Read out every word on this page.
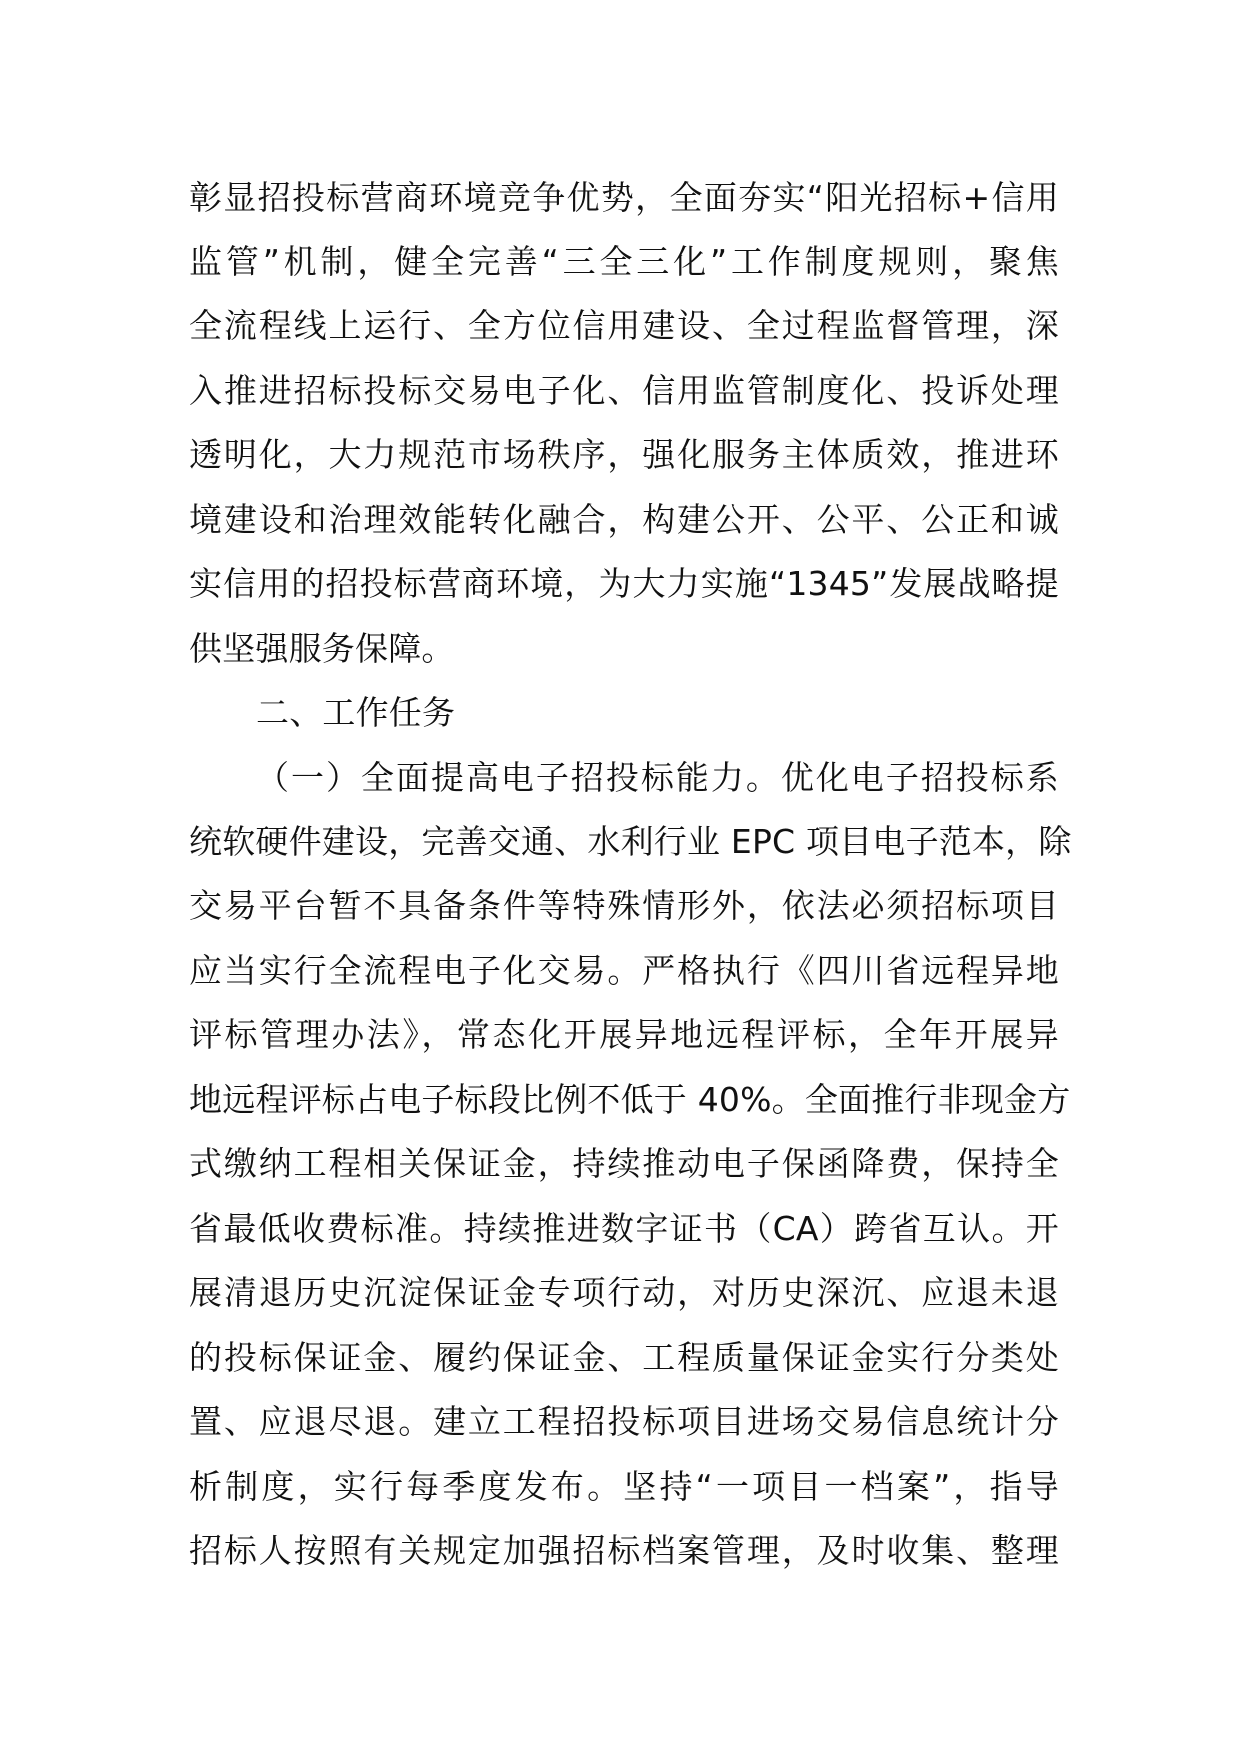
彰显招投标营商环境竞争优势，全面夯实“阳光招标+信用
监管”机制，健全完善“三全三化”工作制度规则，聚焦
全流程线上运行、全方位信用建设、全过程监督管理，深
入推进招标投标交易电子化、信用监管制度化、投诉处理
透明化，大力规范市场秩序，强化服务主体质效，推进环
境建设和治理效能转化融合，构建公开、公平、公正和诚
实信用的招投标营商环境，为大力实施“1345”发展战略提
供坚强服务保障。
二、工作任务
（一）全面提高电子招投标能力。优化电子招投标系
统软硬件建设，完善交通、水利行业 EPC 项目电子范本，除
交易平台暂不具备条件等特殊情形外，依法必须招标项目
应当实行全流程电子化交易。严格执行《四川省远程异地
评标管理办法》，常态化开展异地远程评标，全年开展异
地远程评标占电子标段比例不低于 40%。全面推行非现金方
式缴纳工程相关保证金，持续推动电子保函降费，保持全
省最低收费标准。持续推进数字证书（CA）跨省互认。开
展清退历史沉淀保证金专项行动，对历史深沉、应退未退
的投标保证金、履约保证金、工程质量保证金实行分类处
置、应退尽退。建立工程招投标项目进场交易信息统计分
析制度，实行每季度发布。坚持“一项目一档案”，指导
招标人按照有关规定加强招标档案管理，及时收集、整理
